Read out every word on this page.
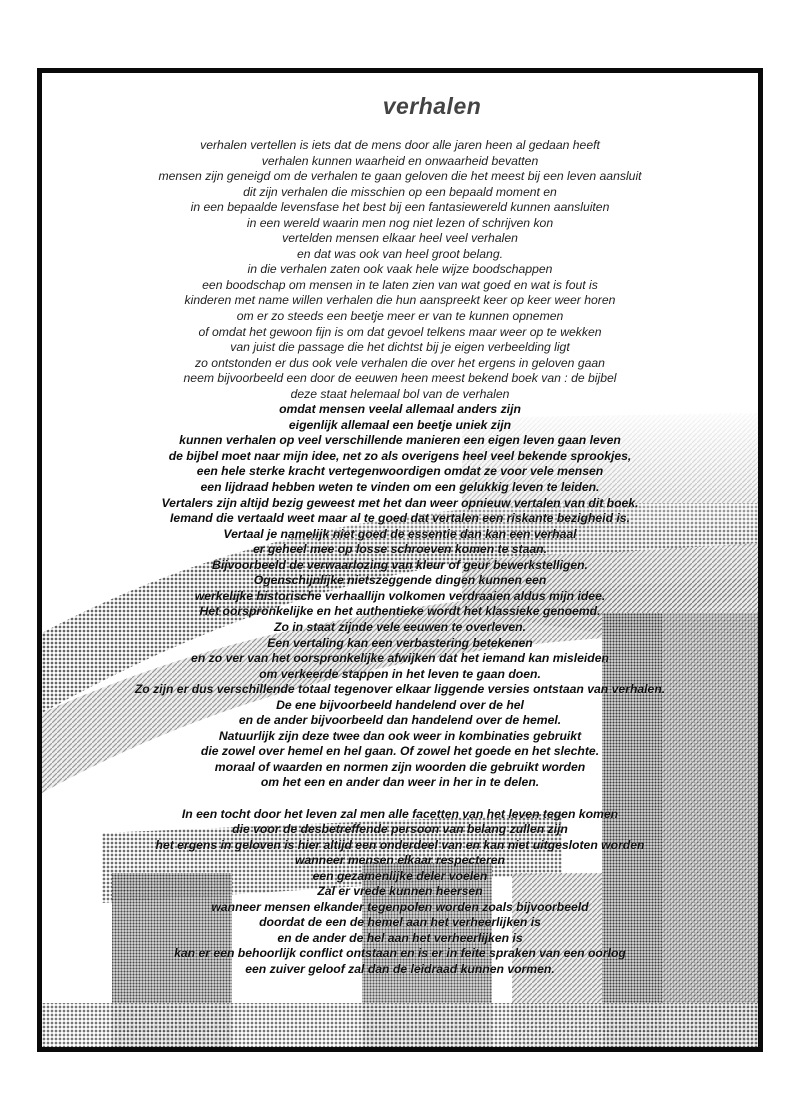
verhalen

verhalen vertellen is iets dat de mens door alle jaren heen al gedaan heeft

verhalen kunnen waarheid en onwaarheid bevatten

mensen zijn geneigd om de verhalen te gaan geloven die het meest bij een leven aansluit

dit zijn verhalen die misschien op een bepaald moment en

in een bepaalde levensfase het best bij een fantasiewereld kunnen aansluiten

in een wereld waarin men nog niet lezen of schrijven kon

vertelden mensen elkaar heel veel verhalen

en dat was ook van heel groot belang.

in die verhalen zaten ook vaak hele wijze boodschappen

een boodschap om mensen in te laten zien van wat goed en wat is fout is

kinderen met name willen verhalen die hun aanspreekt keer op keer weer horen

om er zo steeds een beetje meer er van te kunnen opnemen

of omdat het gewoon fijn is om dat gevoel telkens maar weer op te wekken

van juist die passage die het dichtst bij je eigen verbeelding ligt

zo ontstonden er dus ook vele verhalen die over het ergens in geloven gaan

neem bijvoorbeeld een door de eeuwen heen meest bekend boek van : de bijbel

deze staat helemaal bol van de verhalen

omdat mensen veelal allemaal anders zijn

eigenlijk allemaal een beetje uniek zijn

kunnen verhalen op veel verschillende manieren een eigen leven gaan leven

de bijbel moet naar mijn idee, net zo als overigens heel veel bekende sprookjes,

een hele sterke kracht vertegenwoordigen omdat ze voor vele mensen

een lijdraad hebben weten te vinden om een gelukkig leven te leiden.

Vertalers zijn altijd bezig geweest met het dan weer opnieuw vertalen van dit boek.

Iemand die vertaald weet maar al te goed dat vertalen een riskante bezigheid is.

Vertaal je namelijk niet goed de essentie dan kan een verhaal

er geheel mee op losse schroeven komen te staan.

Bijvoorbeeld de verwaarlozing van kleur of geur bewerkstelligen.

Ogenschijnlijke nietszeggende dingen kunnen een

werkelijke historische verhaallijn volkomen verdraaien aldus mijn idee.

Het oorspronkelijke en het authentieke wordt het klassieke genoemd.

Zo in staat zijnde vele eeuwen te overleven.

Een vertaling kan een verbastering betekenen

en zo ver van het oorspronkelijke afwijken dat het iemand kan misleiden

om verkeerde stappen in het leven te gaan doen.

Zo zijn er dus verschillende totaal tegenover elkaar liggende versies ontstaan van verhalen.

De ene bijvoorbeeld handelend over de hel

en de ander bijvoorbeeld dan handelend over de hemel.

Natuurlijk zijn deze twee dan ook weer in kombinaties gebruikt

die zowel over hemel en hel gaan. Of zowel het goede en het slechte.

moraal of waarden en normen zijn woorden die gebruikt worden

om het een en ander dan weer in her in te delen.

In een tocht door het leven zal men alle facetten van het leven tegen komen

die voor de desbetreffende persoon van belang zullen zijn

het ergens in geloven is hier altijd een onderdeel van en kan niet uitgesloten worden

wanneer mensen elkaar respecteren

een gezamenlijke deler voelen

Zal er vrede kunnen heersen

wanneer mensen elkander tegenpolen worden zoals bijvoorbeeld

doordat de een de hemel aan het verheerlijken is

en de ander de hel aan het verheerlijken is

kan er een behoorlijk conflict ontstaan en is er in feite spraken van een oorlog

een zuiver geloof zal dan de leidraad kunnen vormen.
